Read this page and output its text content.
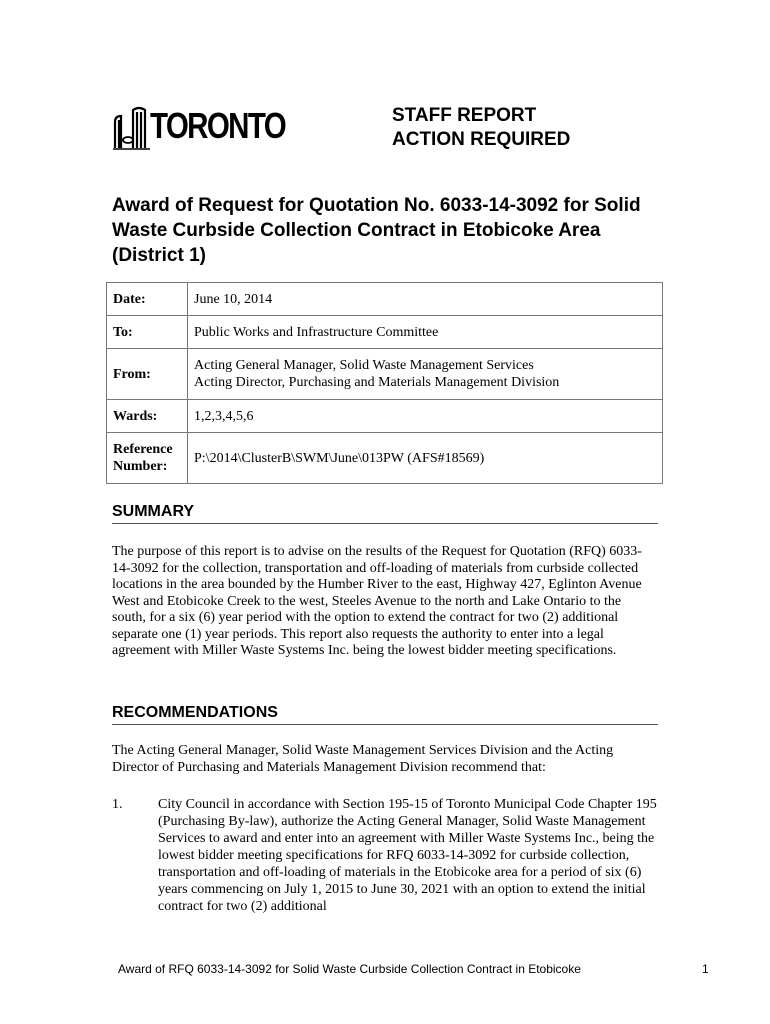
TORONTO	STAFF REPORT
ACTION REQUIRED
Award of Request for Quotation No. 6033-14-3092 for Solid Waste Curbside Collection Contract in Etobicoke Area (District 1)
Date:	June 10, 2014
To:	Public Works and Infrastructure Committee
From:	Acting General Manager, Solid Waste Management Services
Acting Director, Purchasing and Materials Management Division

Wards:	1,2,3,4,5,6

Reference
Number:	P:\2014\ClusterB\SWM\June\013PW (AFS#18569)
SUMMARY

The purpose of this report is to advise on the results of the Request for Quotation (RFQ) 6033-14-3092 for the collection, transportation and off-loading of materials from curbside collected locations in the area bounded by the Humber River to the east, Highway 427, Eglinton Avenue West and Etobicoke Creek to the west, Steeles Avenue to the north and Lake Ontario to the south, for a six (6) year period with the option to extend the contract for two (2) additional separate one (1) year periods. This report also requests the authority to enter into a legal agreement with Miller Waste Systems Inc. being the lowest bidder meeting specifications.

RECOMMENDATIONS

The Acting General Manager, Solid Waste Management Services Division and the Acting Director of Purchasing and Materials Management Division recommend that:

1.	City Council in accordance with Section 195-15 of Toronto Municipal Code Chapter 195 (Purchasing By-law), authorize the Acting General Manager, Solid Waste Management Services to award and enter into an agreement with Miller Waste Systems Inc., being the lowest bidder meeting specifications for RFQ 6033-14-3092 for curbside collection, transportation and off-loading of materials in the Etobicoke area for a period of six (6) years commencing on July 1, 2015 to June 30, 2021 with an option to extend the initial contract for two (2) additional
Award of RFQ 6033-14-3092 for Solid Waste Curbside Collection Contract in Etobicoke	1
